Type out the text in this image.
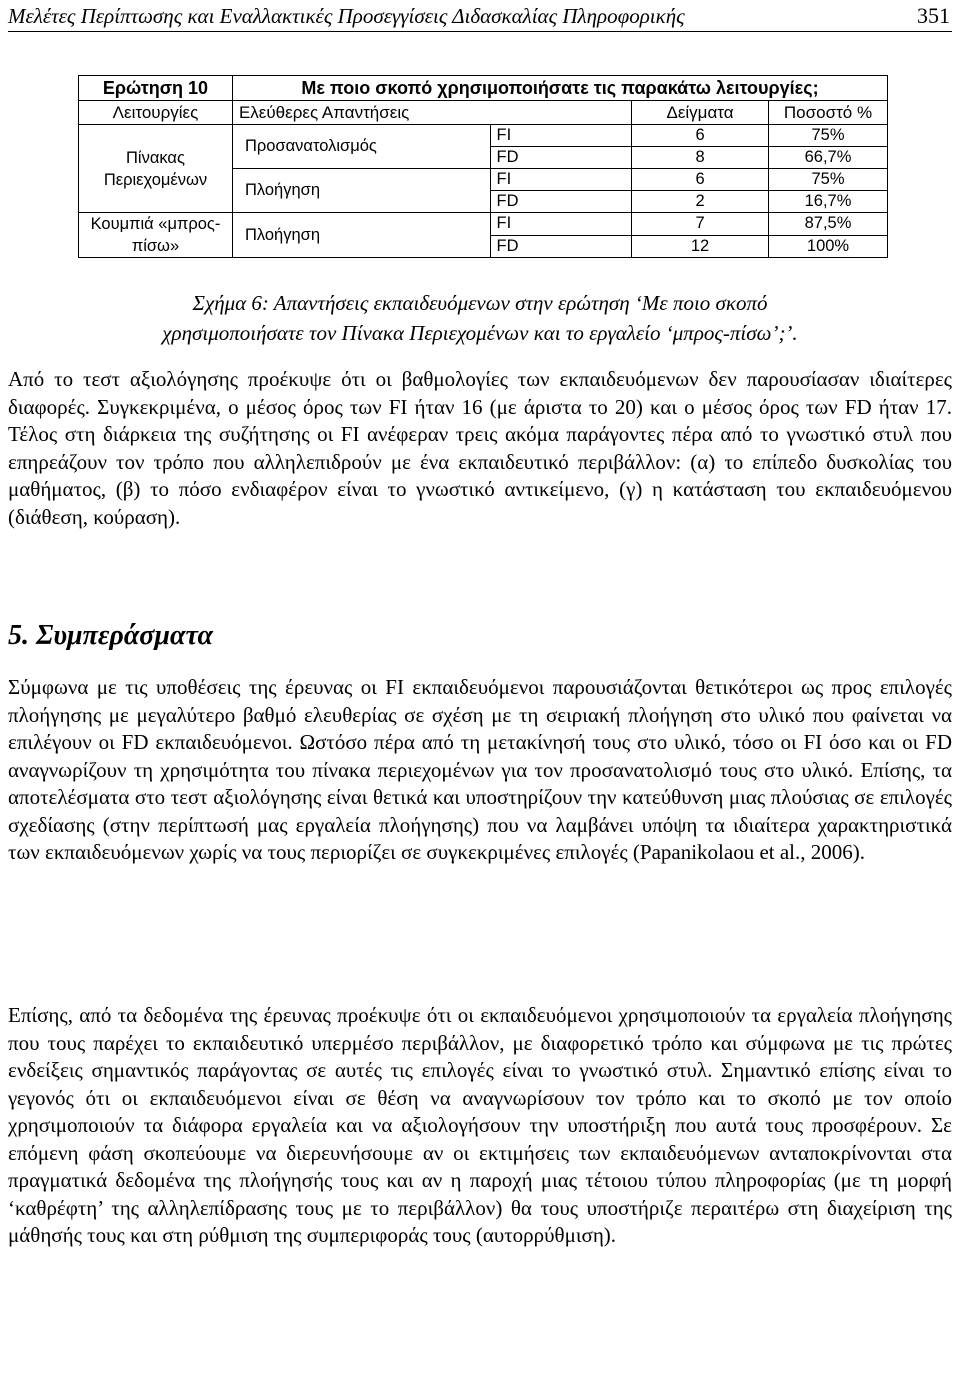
Μελέτες Περίπτωσης και Εναλλακτικές Προσεγγίσεις Διδασκαλίας Πληροφορικής	351
Ερώτηση 10	Με ποιο σκοπό χρησιμοποιήσατε τις παρακάτω λειτουργίες;			
Λειτουργίες	Ελεύθερες Απαντήσεις		Δείγματα	Ποσοστό %
Πίνακας Περιεχομένων	Προσανατολισμός	FI	6	75%
		FD	8	66,7%
	Πλοήγηση	FI	6	75%
		FD	2	16,7%
Κουμπιά «μπρος-πίσω»	Πλοήγηση	FI	7	87,5%
		FD	12	100%
Σχήμα 6: Απαντήσεις εκπαιδευόμενων στην ερώτηση ‘Με ποιο σκοπό
χρησιμοποιήσατε τον Πίνακα Περιεχομένων και το εργαλείο ‘μπρος-πίσω’;’.

Από το τεστ αξιολόγησης προέκυψε ότι οι βαθμολογίες των εκπαιδευόμενων δεν παρουσίασαν ιδιαίτερες διαφορές. Συγκεκριμένα, ο μέσος όρος των FI ήταν 16 (με άριστα το 20) και ο μέσος όρος των FD ήταν 17. Τέλος στη διάρκεια της συζήτησης οι FI ανέφεραν τρεις ακόμα παράγοντες πέρα από το γνωστικό στυλ που επηρεάζουν τον τρόπο που αλληλεπιδρούν με ένα εκπαιδευτικό περιβάλλον: (α) το επίπεδο δυσκολίας του μαθήματος, (β) το πόσο ενδιαφέρον είναι το γνωστικό αντικείμενο, (γ) η κατάσταση του εκπαιδευόμενου (διάθεση, κούραση).

5. Συμπεράσματα

Σύμφωνα με τις υποθέσεις της έρευνας οι FI εκπαιδευόμενοι παρουσιάζονται θετικότεροι ως προς επιλογές πλοήγησης με μεγαλύτερο βαθμό ελευθερίας σε σχέση με τη σειριακή πλοήγηση στο υλικό που φαίνεται να επιλέγουν οι FD εκπαιδευόμενοι. Ωστόσο πέρα από τη μετακίνησή τους στο υλικό, τόσο οι FI όσο και οι FD αναγνωρίζουν τη χρησιμότητα του πίνακα περιεχομένων για τον προσανατολισμό τους στο υλικό. Επίσης, τα αποτελέσματα στο τεστ αξιολόγησης είναι θετικά και υποστηρίζουν την κατεύθυνση μιας πλούσιας σε επιλογές σχεδίασης (στην περίπτωσή μας εργαλεία πλοήγησης) που να λαμβάνει υπόψη τα ιδιαίτερα χαρακτηριστικά των εκπαιδευόμενων χωρίς να τους περιορίζει σε συγκεκριμένες επιλογές (Papanikolaou et al., 2006).

Επίσης, από τα δεδομένα της έρευνας προέκυψε ότι οι εκπαιδευόμενοι χρησιμοποιούν τα εργαλεία πλοήγησης που τους παρέχει το εκπαιδευτικό υπερμέσο περιβάλλον, με διαφορετικό τρόπο και σύμφωνα με τις πρώτες ενδείξεις σημαντικός παράγοντας σε αυτές τις επιλογές είναι το γνωστικό στυλ. Σημαντικό επίσης είναι το γεγονός ότι οι εκπαιδευόμενοι είναι σε θέση να αναγνωρίσουν τον τρόπο και το σκοπό με τον οποίο χρησιμοποιούν τα διάφορα εργαλεία και να αξιολογήσουν την υποστήριξη που αυτά τους προσφέρουν. Σε επόμενη φάση σκοπεύουμε να διερευνήσουμε αν οι εκτιμήσεις των εκπαιδευόμενων ανταποκρίνονται στα πραγματικά δεδομένα της πλοήγησής τους και αν η παροχή μιας τέτοιου τύπου πληροφορίας (με τη μορφή ‘καθρέφτη’ της αλληλεπίδρασης τους με το περιβάλλον) θα τους υποστήριζε περαιτέρω στη διαχείριση της μάθησής τους και στη ρύθμιση της συμπεριφοράς τους (αυτορρύθμιση).
